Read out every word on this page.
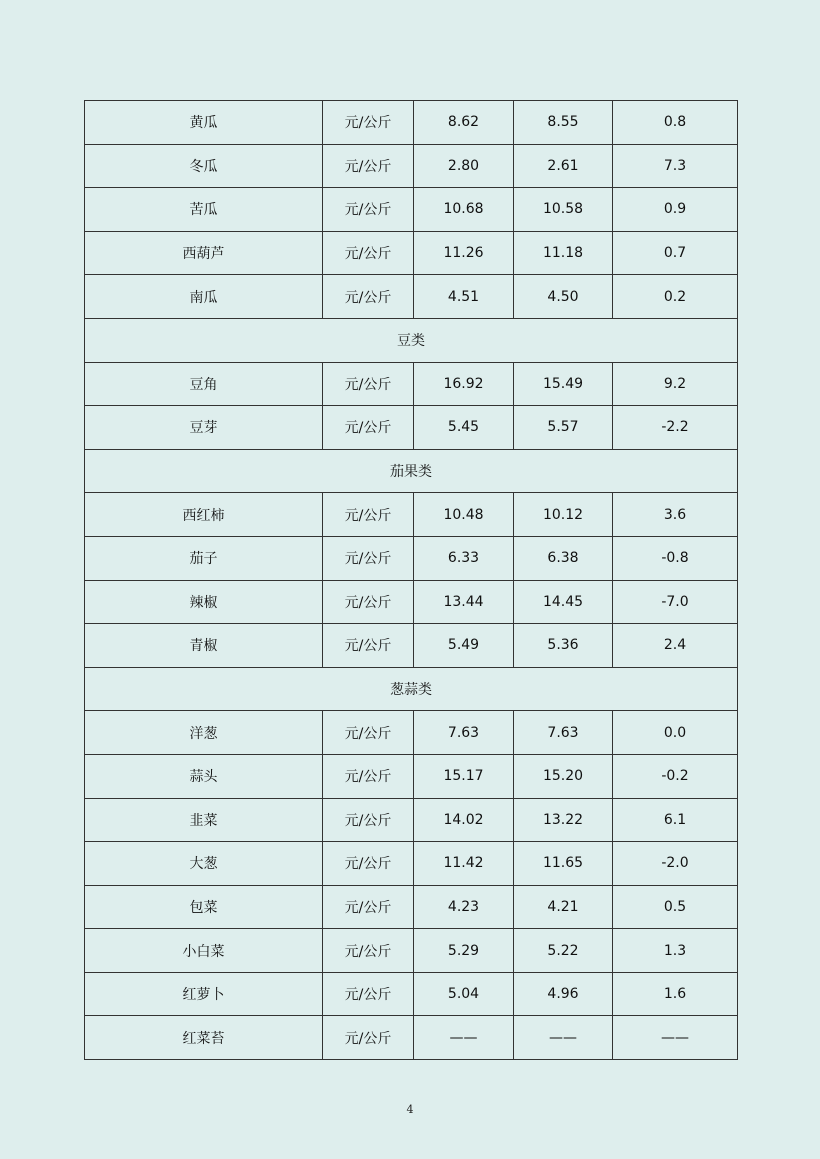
黄瓜	元/公斤	8.62	8.55	0.8
冬瓜	元/公斤	2.80	2.61	7.3
苦瓜	元/公斤	10.68	10.58	0.9
西葫芦	元/公斤	11.26	11.18	0.7
南瓜	元/公斤	4.51	4.50	0.2
豆类				
豆角	元/公斤	16.92	15.49	9.2
豆芽	元/公斤	5.45	5.57	-2.2
茄果类				
西红柿	元/公斤	10.48	10.12	3.6
茄子	元/公斤	6.33	6.38	-0.8
辣椒	元/公斤	13.44	14.45	-7.0
青椒	元/公斤	5.49	5.36	2.4
葱蒜类				
洋葱	元/公斤	7.63	7.63	0.0
蒜头	元/公斤	15.17	15.20	-0.2
韭菜	元/公斤	14.02	13.22	6.1
大葱	元/公斤	11.42	11.65	-2.0
包菜	元/公斤	4.23	4.21	0.5
小白菜	元/公斤	5.29	5.22	1.3
红萝卜	元/公斤	5.04	4.96	1.6
红菜苔	元/公斤	——	——	——
4
